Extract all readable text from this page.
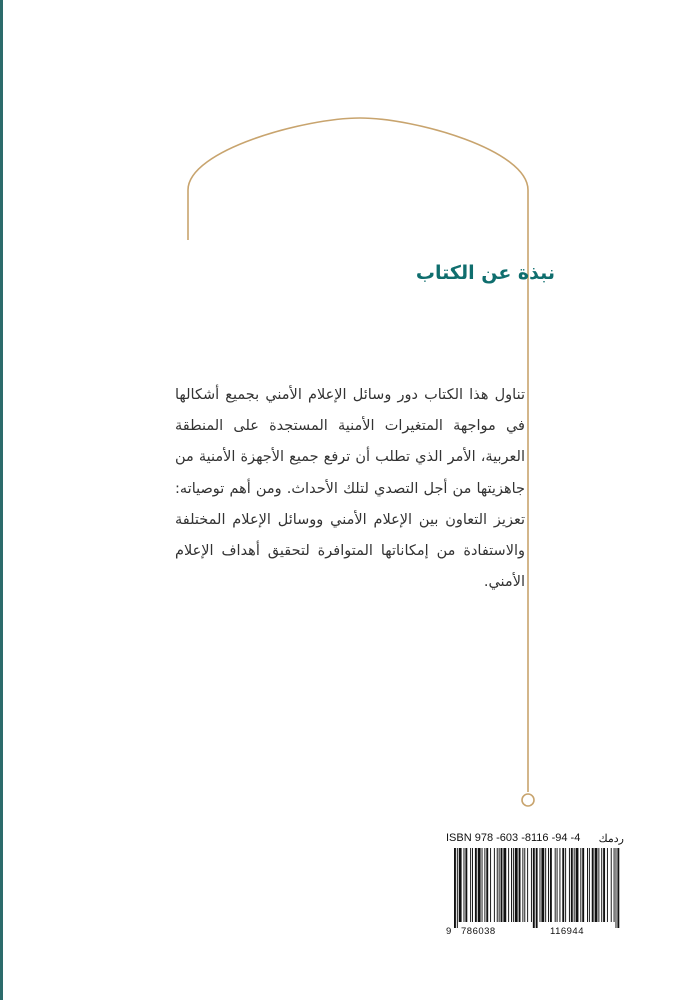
نبذة عن الكتاب

تناول هذا الكتاب دور وسائل الإعلام الأمني بجميع أشكالها في مواجهة المتغيرات الأمنية المستجدة على المنطقة العربية، الأمر الذي تطلب أن ترفع جميع الأجهزة الأمنية من جاهزيتها من أجل التصدي لتلك الأحداث. ومن أهم توصياته: تعزيز التعاون بين الإعلام الأمني ووسائل الإعلام المختلفة والاستفادة من إمكاناتها المتوافرة لتحقيق أهداف الإعلام الأمني.

ISBN 978 -603 -8116 -94 -4 ردمك
9 786038	116944
